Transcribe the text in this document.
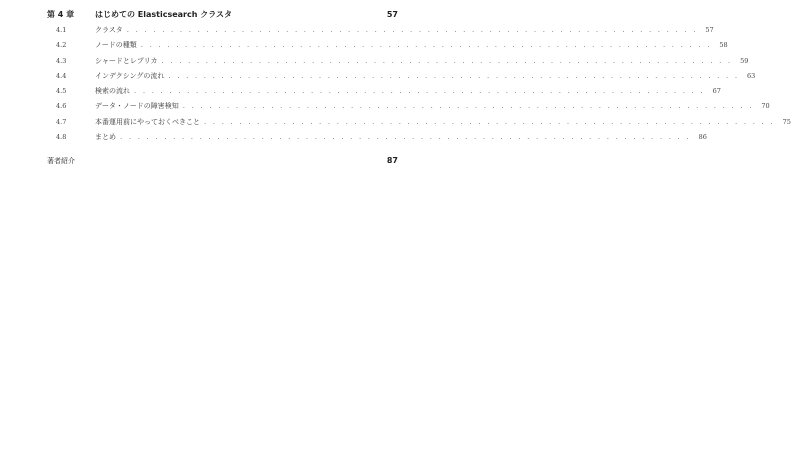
第 4 章	はじめての Elasticsearch クラスタ	57
4.1	クラスタ . . . . . . . . . . . . . . . . . . . . . . . . . . . . . . . . . . . . . . . . . . . . . . . . . . . . . . . . . . . . . . . . .	57
4.2	ノードの種類 . . . . . . . . . . . . . . . . . . . . . . . . . . . . . . . . . . . . . . . . . . . . . . . . . . . . . . . . . . . . . . . . .	58
4.3	シャードとレプリカ . . . . . . . . . . . . . . . . . . . . . . . . . . . . . . . . . . . . . . . . . . . . . . . . . . . . . . . . . . . . . . . . .	59
4.4	インデクシングの流れ . . . . . . . . . . . . . . . . . . . . . . . . . . . . . . . . . . . . . . . . . . . . . . . . . . . . . . . . . . . . . . . . .	63
4.5	検索の流れ . . . . . . . . . . . . . . . . . . . . . . . . . . . . . . . . . . . . . . . . . . . . . . . . . . . . . . . . . . . . . . . . .	67
4.6	データ・ノードの障害検知 . . . . . . . . . . . . . . . . . . . . . . . . . . . . . . . . . . . . . . . . . . . . . . . . . . . . . . . . . . . . . . . . .	70
4.7	本番運用前にやっておくべきこと . . . . . . . . . . . . . . . . . . . . . . . . . . . . . . . . . . . . . . . . . . . . . . . . . . . . . . . . . . . . . . . . .	75
4.8	まとめ . . . . . . . . . . . . . . . . . . . . . . . . . . . . . . . . . . . . . . . . . . . . . . . . . . . . . . . . . . . . . . . . .	86
著者紹介	87
